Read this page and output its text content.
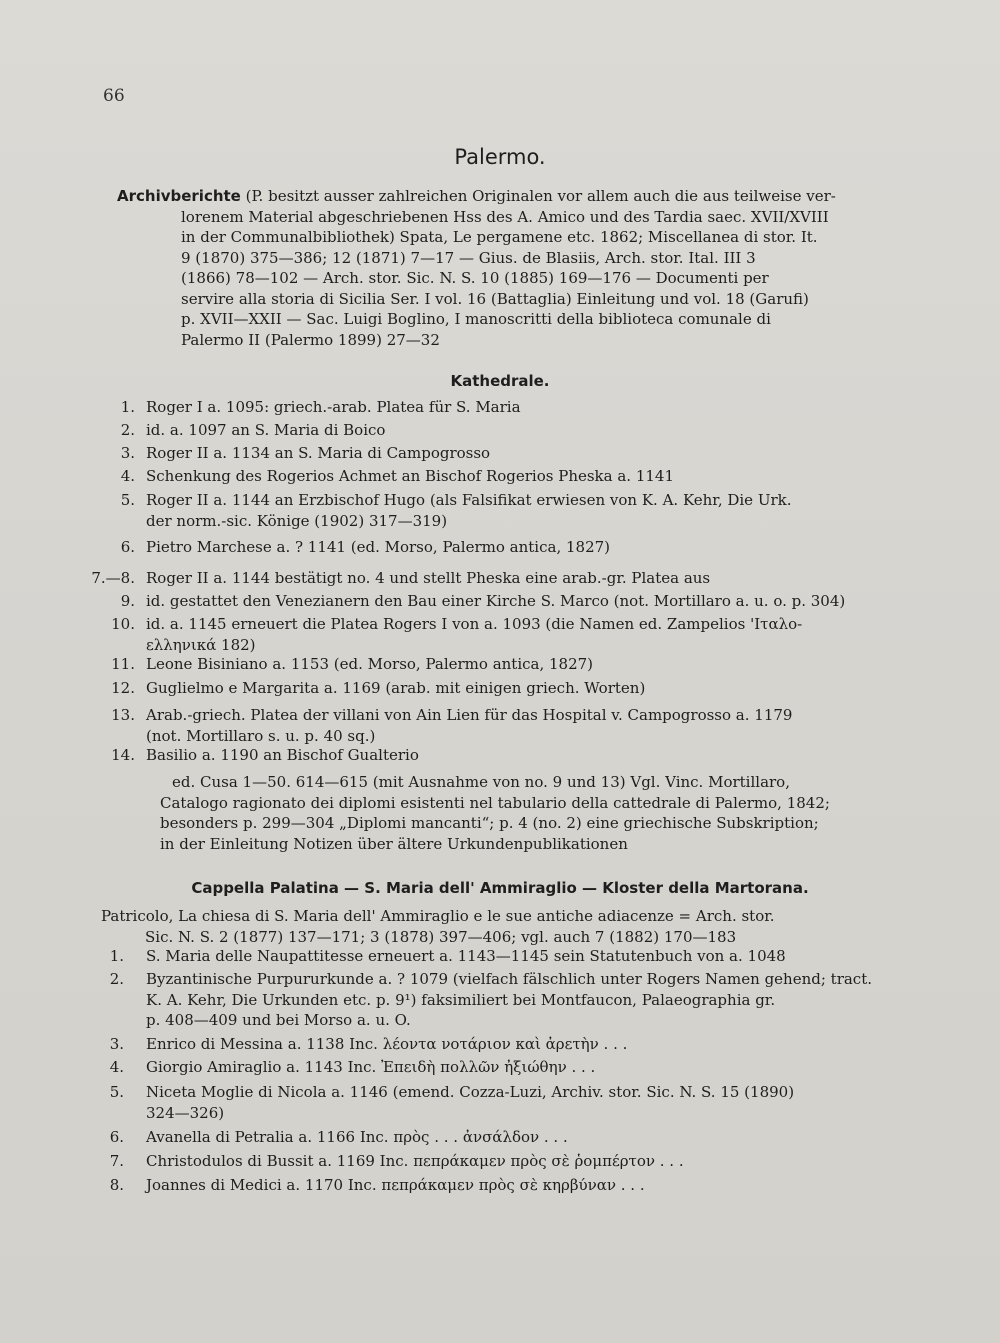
66
Palermo.
Archivberichte (P. besitzt ausser zahlreichen Originalen vor allem auch die aus teilweise ver-
lorenem Material abgeschriebenen Hss des A. Amico und des Tardia saec. XVII/XVIII
in der Communalbibliothek) Spata, Le pergamene etc. 1862; Miscellanea di stor. It.
9 (1870) 375—386; 12 (1871) 7—17 — Gius. de Blasiis, Arch. stor. Ital. III 3
(1866) 78—102 — Arch. stor. Sic. N. S. 10 (1885) 169—176 — Documenti per
servire alla storia di Sicilia Ser. I vol. 16 (Battaglia) Einleitung und vol. 18 (Garufi)
p. XVII—XXII — Sac. Luigi Boglino, I manoscritti della biblioteca comunale di
Palermo II (Palermo 1899) 27—32
Kathedrale.
1. Roger I a. 1095: griech.-arab. Platea für S. Maria
2. id. a. 1097 an S. Maria di Boico
3. Roger II a. 1134 an S. Maria di Campogrosso
4. Schenkung des Rogerios Achmet an Bischof Rogerios Pheska a. 1141
5. Roger II a. 1144 an Erzbischof Hugo (als Falsifikat erwiesen von K. A. Kehr, Die Urk.
der norm.-sic. Könige (1902) 317—319)
6. Pietro Marchese a. ? 1141 (ed. Morso, Palermo antica, 1827)
7.—8. Roger II a. 1144 bestätigt no. 4 und stellt Pheska eine arab.-gr. Platea aus
9. id. gestattet den Venezianern den Bau einer Kirche S. Marco (not. Mortillaro a. u. o. p. 304)
10. id. a. 1145 erneuert die Platea Rogers I von a. 1093 (die Namen ed. Zampelios 'Ιταλο-
ελληνικά 182)
11. Leone Bisiniano a. 1153 (ed. Morso, Palermo antica, 1827)
12. Guglielmo e Margarita a. 1169 (arab. mit einigen griech. Worten)
13. Arab.-griech. Platea der villani von Ain Lien für das Hospital v. Campogrosso a. 1179
(not. Mortillaro s. u. p. 40 sq.)
14. Basilio a. 1190 an Bischof Gualterio
ed. Cusa 1—50. 614—615 (mit Ausnahme von no. 9 und 13) Vgl. Vinc. Mortillaro,
Catalogo ragionato dei diplomi esistenti nel tabulario della cattedrale di Palermo, 1842;
besonders p. 299—304 „Diplomi mancanti“; p. 4 (no. 2) eine griechische Subskription;
in der Einleitung Notizen über ältere Urkundenpublikationen
Cappella Palatina — S. Maria dell' Ammiraglio — Kloster della Martorana.
Patricolo, La chiesa di S. Maria dell' Ammiraglio e le sue antiche adiacenze = Arch. stor.
Sic. N. S. 2 (1877) 137—171; 3 (1878) 397—406; vgl. auch 7 (1882) 170—183
1. S. Maria delle Naupattitesse erneuert a. 1143—1145 sein Statutenbuch von a. 1048
2. Byzantinische Purpururkunde a. ? 1079 (vielfach fälschlich unter Rogers Namen gehend; tract.
K. A. Kehr, Die Urkunden etc. p. 9¹) faksimiliert bei Montfaucon, Palaeographia gr.
p. 408—409 und bei Morso a. u. O.
3. Enrico di Messina a. 1138 Inc. λέοντα νοτάριον καὶ ἀρετὴν . . .
4. Giorgio Amiraglio a. 1143 Inc. Ἐπειδὴ πολλῶν ἠξιώθην . . .
5. Niceta Moglie di Nicola a. 1146 (emend. Cozza-Luzi, Archiv. stor. Sic. N. S. 15 (1890)
324—326)
6. Avanella di Petralia a. 1166 Inc. πρὸς . . . ἀνσάλδον . . .
7. Christodulos di Bussit a. 1169 Inc. πεπράκαμεν πρὸς σὲ ῥομπέρτον . . .
8. Joannes di Medici a. 1170 Inc. πεπράκαμεν πρὸς σὲ κηρβύναν . . .
